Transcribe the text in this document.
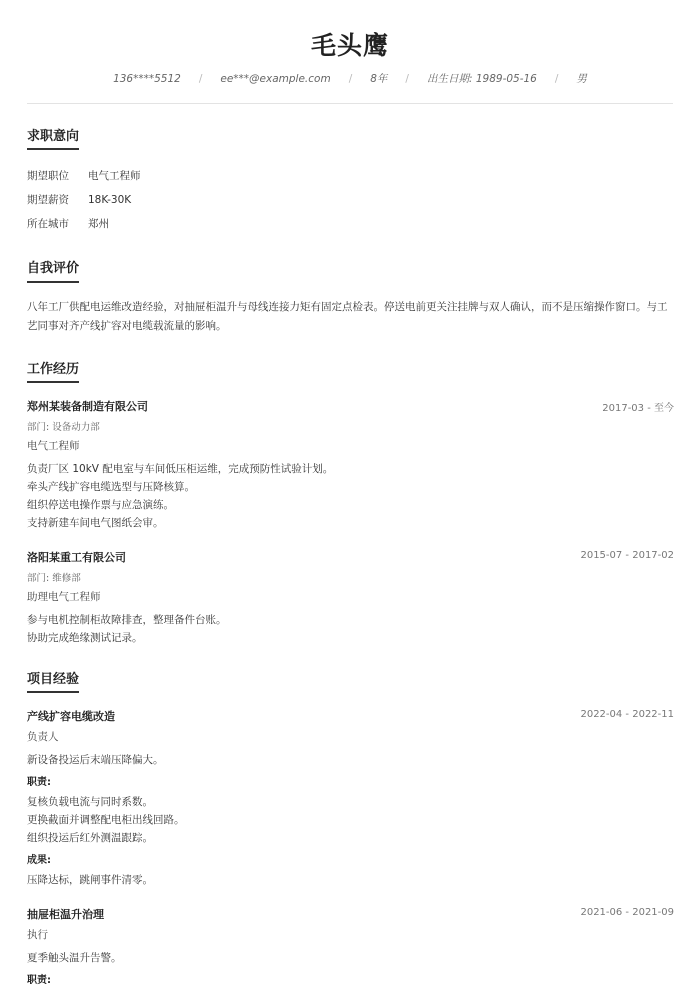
毛头鹰
136****5512 / ee***@example.com / 8年 / 出生日期: 1989-05-16 / 男
求职意向
期望职位 电气工程师
期望薪资 18K-30K
所在城市 郑州
自我评价
八年工厂供配电运维改造经验，对抽屉柜温升与母线连接力矩有固定点检表。停送电前更关注挂牌与双人确认，而不是压缩操作窗口。与工艺同事对齐产线扩容对电缆载流量的影响。
工作经历
郑州某装备制造有限公司	2017-03 - 至今
部门: 设备动力部
电气工程师
负责厂区 10kV 配电室与车间低压柜运维，完成预防性试验计划。
牵头产线扩容电缆选型与压降核算。
组织停送电操作票与应急演练。
支持新建车间电气图纸会审。
洛阳某重工有限公司	2015-07 - 2017-02
部门: 维修部
助理电气工程师
参与电机控制柜故障排查，整理备件台账。
协助完成绝缘测试记录。
项目经验
产线扩容电缆改造	2022-04 - 2022-11
负责人
新设备投运后末端压降偏大。
职责:
复核负载电流与同时系数。
更换截面并调整配电柜出线回路。
组织投运后红外测温跟踪。
成果:
压降达标，跳闸事件清零。
抽屉柜温升治理	2021-06 - 2021-09
执行
夏季触头温升告警。
职责:
